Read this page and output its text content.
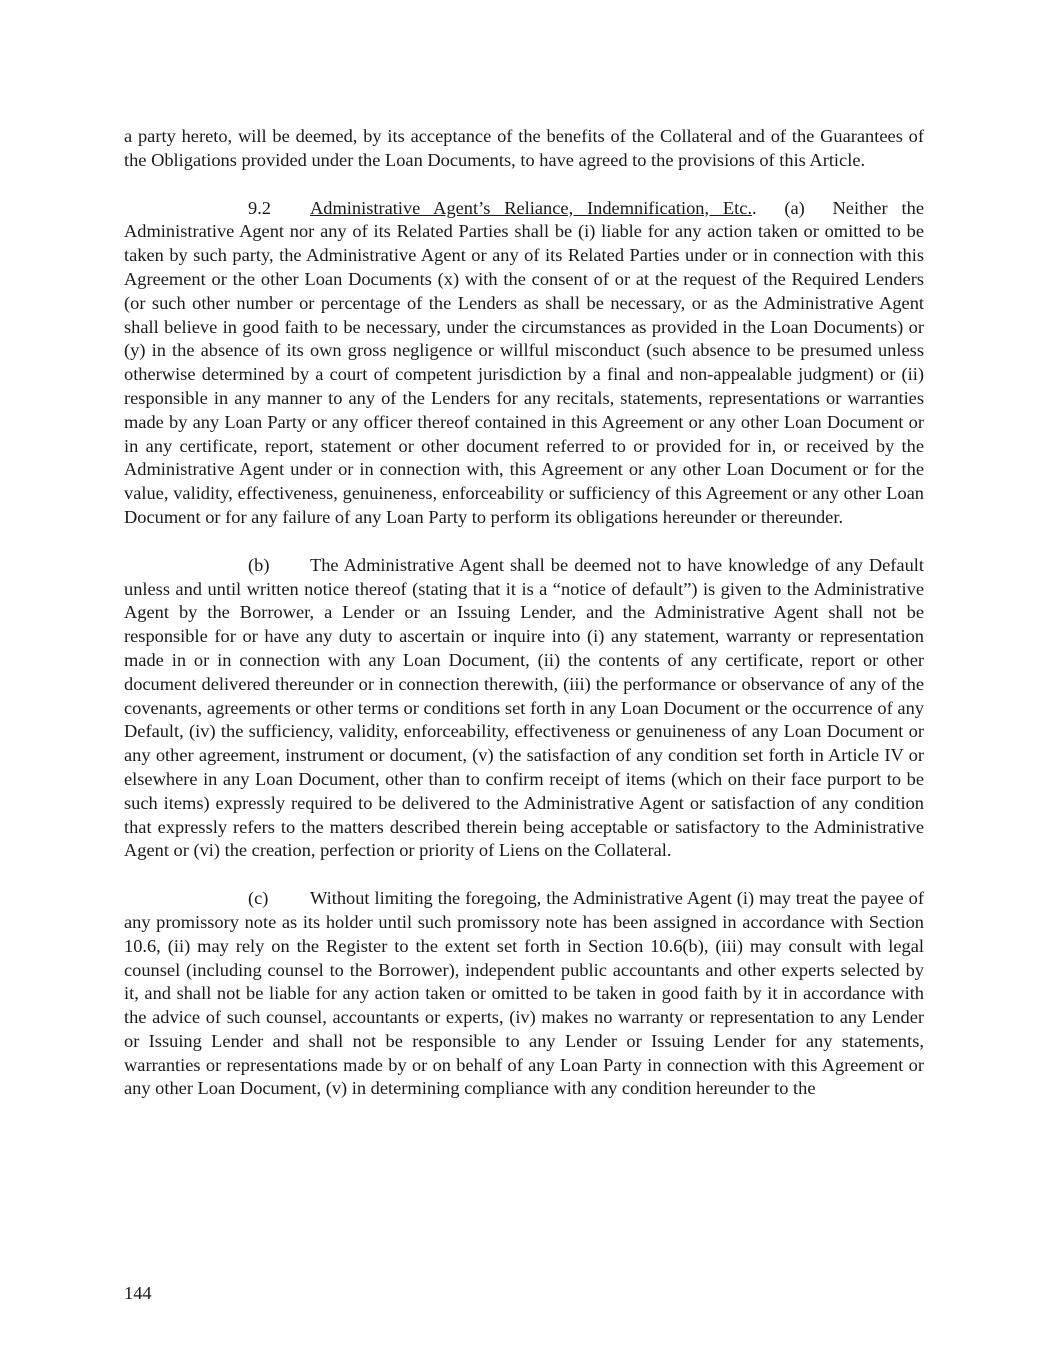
a party hereto, will be deemed, by its acceptance of the benefits of the Collateral and of the Guarantees of the Obligations provided under the Loan Documents, to have agreed to the provisions of this Article.

9.2 Administrative Agent’s Reliance, Indemnification, Etc.. (a) Neither the Administrative Agent nor any of its Related Parties shall be (i) liable for any action taken or omitted to be taken by such party, the Administrative Agent or any of its Related Parties under or in connection with this Agreement or the other Loan Documents (x) with the consent of or at the request of the Required Lenders (or such other number or percentage of the Lenders as shall be necessary, or as the Administrative Agent shall believe in good faith to be necessary, under the circumstances as provided in the Loan Documents) or (y) in the absence of its own gross negligence or willful misconduct (such absence to be presumed unless otherwise determined by a court of competent jurisdiction by a final and non-appealable judgment) or (ii) responsible in any manner to any of the Lenders for any recitals, statements, representations or warranties made by any Loan Party or any officer thereof contained in this Agreement or any other Loan Document or in any certificate, report, statement or other document referred to or provided for in, or received by the Administrative Agent under or in connection with, this Agreement or any other Loan Document or for the value, validity, effectiveness, genuineness, enforceability or sufficiency of this Agreement or any other Loan Document or for any failure of any Loan Party to perform its obligations hereunder or thereunder.

(b) The Administrative Agent shall be deemed not to have knowledge of any Default unless and until written notice thereof (stating that it is a “notice of default”) is given to the Administrative Agent by the Borrower, a Lender or an Issuing Lender, and the Administrative Agent shall not be responsible for or have any duty to ascertain or inquire into (i) any statement, warranty or representation made in or in connection with any Loan Document, (ii) the contents of any certificate, report or other document delivered thereunder or in connection therewith, (iii) the performance or observance of any of the covenants, agreements or other terms or conditions set forth in any Loan Document or the occurrence of any Default, (iv) the sufficiency, validity, enforceability, effectiveness or genuineness of any Loan Document or any other agreement, instrument or document, (v) the satisfaction of any condition set forth in Article IV or elsewhere in any Loan Document, other than to confirm receipt of items (which on their face purport to be such items) expressly required to be delivered to the Administrative Agent or satisfaction of any condition that expressly refers to the matters described therein being acceptable or satisfactory to the Administrative Agent or (vi) the creation, perfection or priority of Liens on the Collateral.

(c) Without limiting the foregoing, the Administrative Agent (i) may treat the payee of any promissory note as its holder until such promissory note has been assigned in accordance with Section 10.6, (ii) may rely on the Register to the extent set forth in Section 10.6(b), (iii) may consult with legal counsel (including counsel to the Borrower), independent public accountants and other experts selected by it, and shall not be liable for any action taken or omitted to be taken in good faith by it in accordance with the advice of such counsel, accountants or experts, (iv) makes no warranty or representation to any Lender or Issuing Lender and shall not be responsible to any Lender or Issuing Lender for any statements, warranties or representations made by or on behalf of any Loan Party in connection with this Agreement or any other Loan Document, (v) in determining compliance with any condition hereunder to the

144
